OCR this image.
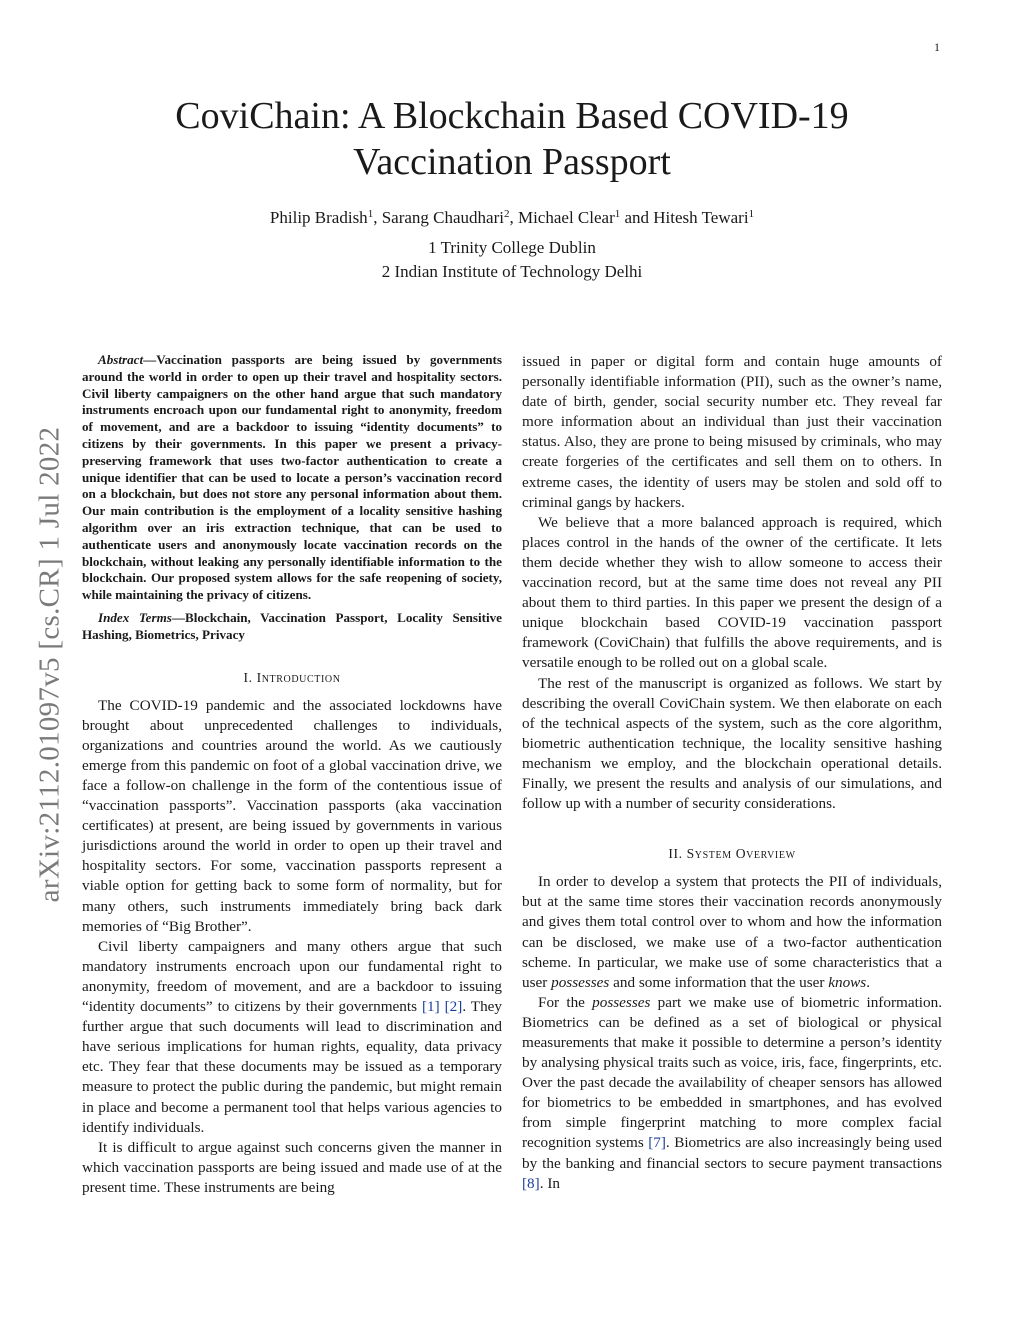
1
arXiv:2112.01097v5 [cs.CR] 1 Jul 2022
CoviChain: A Blockchain Based COVID-19
Vaccination Passport
Philip Bradish$^1$, Sarang Chaudhari$^2$, Michael Clear$^1$ and Hitesh Tewari$^1$
1 Trinity College Dublin
2 Indian Institute of Technology Delhi

Abstract—Vaccination passports are being issued by governments around the world in order to open up their travel and hospitality sectors. Civil liberty campaigners on the other hand argue that such mandatory instruments encroach upon our fundamental right to anonymity, freedom of movement, and are a backdoor to issuing “identity documents” to citizens by their governments. In this paper we present a privacy-preserving framework that uses two-factor authentication to create a unique identifier that can be used to locate a person’s vaccination record on a blockchain, but does not store any personal information about them. Our main contribution is the employment of a locality sensitive hashing algorithm over an iris extraction technique, that can be used to authenticate users and anonymously locate vaccination records on the blockchain, without leaking any personally identifiable information to the blockchain. Our proposed system allows for the safe reopening of society, while maintaining the privacy of citizens.

Index Terms—Blockchain, Vaccination Passport, Locality Sensitive Hashing, Biometrics, Privacy

I. Introduction

The COVID-19 pandemic and the associated lockdowns have brought about unprecedented challenges to individuals, organizations and countries around the world. As we cautiously emerge from this pandemic on foot of a global vaccination drive, we face a follow-on challenge in the form of the contentious issue of “vaccination passports”. Vaccination passports (aka vaccination certificates) at present, are being issued by governments in various jurisdictions around the world in order to open up their travel and hospitality sectors. For some, vaccination passports represent a viable option for getting back to some form of normality, but for many others, such instruments immediately bring back dark memories of “Big Brother”.

Civil liberty campaigners and many others argue that such mandatory instruments encroach upon our fundamental right to anonymity, freedom of movement, and are a backdoor to issuing “identity documents” to citizens by their governments [1] [2]. They further argue that such documents will lead to discrimination and have serious implications for human rights, equality, data privacy etc. They fear that these documents may be issued as a temporary measure to protect the public during the pandemic, but might remain in place and become a permanent tool that helps various agencies to identify individuals.

It is difficult to argue against such concerns given the manner in which vaccination passports are being issued and made use of at the present time. These instruments are being

issued in paper or digital form and contain huge amounts of personally identifiable information (PII), such as the owner’s name, date of birth, gender, social security number etc. They reveal far more information about an individual than just their vaccination status. Also, they are prone to being misused by criminals, who may create forgeries of the certificates and sell them on to others. In extreme cases, the identity of users may be stolen and sold off to criminal gangs by hackers.

We believe that a more balanced approach is required, which places control in the hands of the owner of the certificate. It lets them decide whether they wish to allow someone to access their vaccination record, but at the same time does not reveal any PII about them to third parties. In this paper we present the design of a unique blockchain based COVID-19 vaccination passport framework (CoviChain) that fulfills the above requirements, and is versatile enough to be rolled out on a global scale.

The rest of the manuscript is organized as follows. We start by describing the overall CoviChain system. We then elaborate on each of the technical aspects of the system, such as the core algorithm, biometric authentication technique, the locality sensitive hashing mechanism we employ, and the blockchain operational details. Finally, we present the results and analysis of our simulations, and follow up with a number of security considerations.

II. System Overview

In order to develop a system that protects the PII of individuals, but at the same time stores their vaccination records anonymously and gives them total control over to whom and how the information can be disclosed, we make use of a two-factor authentication scheme. In particular, we make use of some characteristics that a user possesses and some information that the user knows.

For the possesses part we make use of biometric information. Biometrics can be defined as a set of biological or physical measurements that make it possible to determine a person’s identity by analysing physical traits such as voice, iris, face, fingerprints, etc. Over the past decade the availability of cheaper sensors has allowed for biometrics to be embedded in smartphones, and has evolved from simple fingerprint matching to more complex facial recognition systems [7]. Biometrics are also increasingly being used by the banking and financial sectors to secure payment transactions [8]. In
